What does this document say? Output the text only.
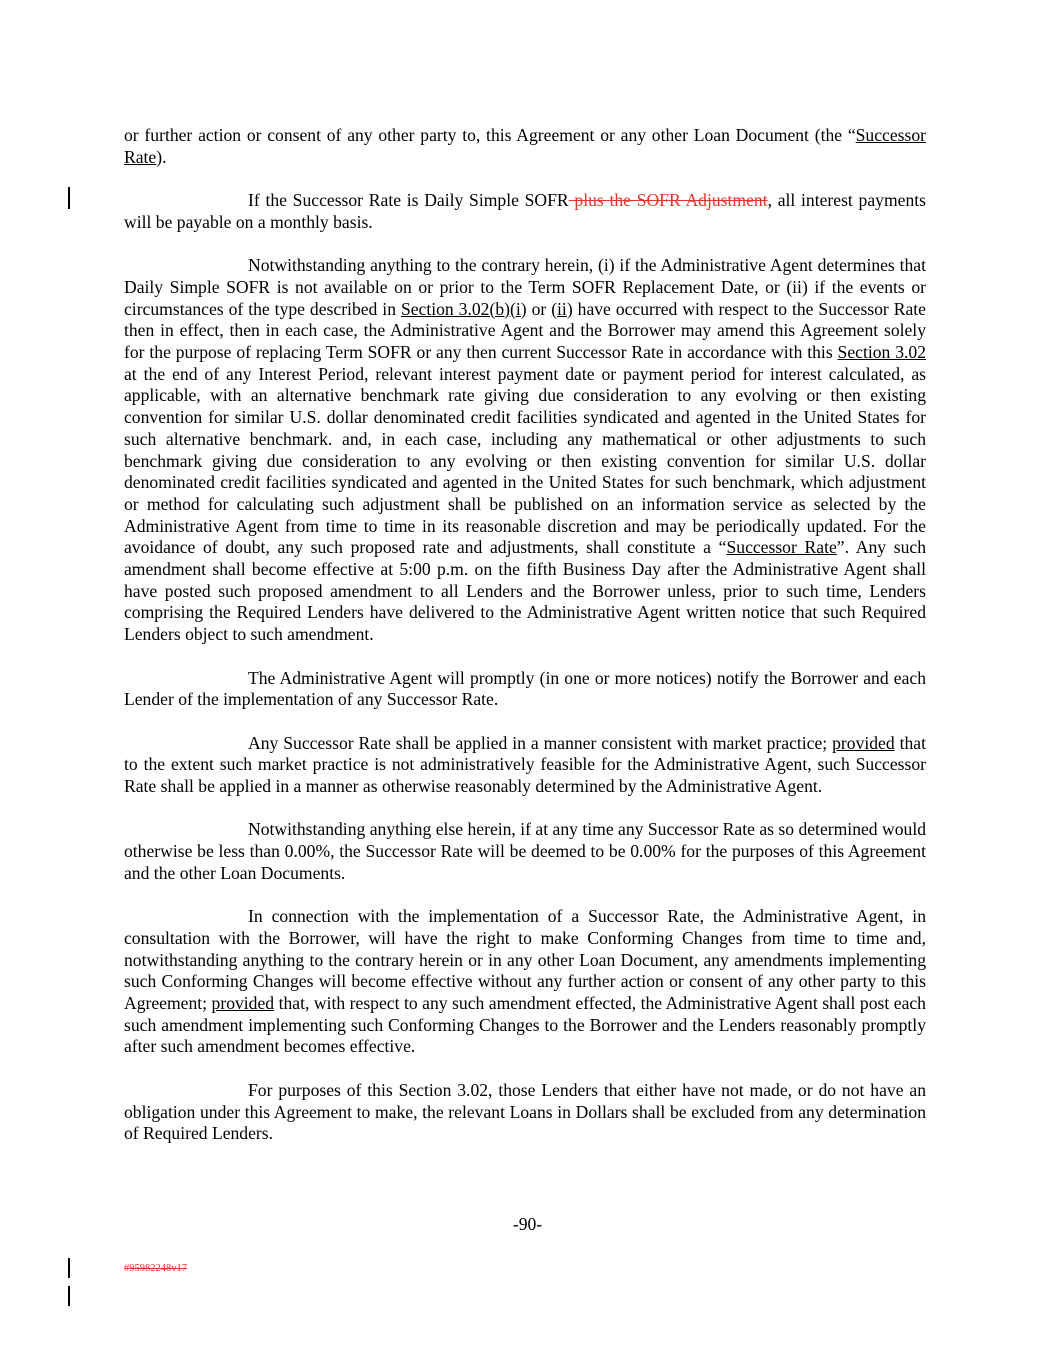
or further action or consent of any other party to, this Agreement or any other Loan Document (the “Successor Rate).

If the Successor Rate is Daily Simple SOFR plus the SOFR Adjustment, all interest payments will be payable on a monthly basis.

Notwithstanding anything to the contrary herein, (i) if the Administrative Agent determines that Daily Simple SOFR is not available on or prior to the Term SOFR Replacement Date, or (ii) if the events or circumstances of the type described in Section 3.02(b)(i) or (ii) have occurred with respect to the Successor Rate then in effect, then in each case, the Administrative Agent and the Borrower may amend this Agreement solely for the purpose of replacing Term SOFR or any then current Successor Rate in accordance with this Section 3.02 at the end of any Interest Period, relevant interest payment date or payment period for interest calculated, as applicable, with an alternative benchmark rate giving due consideration to any evolving or then existing convention for similar U.S. dollar denominated credit facilities syndicated and agented in the United States for such alternative benchmark. and, in each case, including any mathematical or other adjustments to such benchmark giving due consideration to any evolving or then existing convention for similar U.S. dollar denominated credit facilities syndicated and agented in the United States for such benchmark, which adjustment or method for calculating such adjustment shall be published on an information service as selected by the Administrative Agent from time to time in its reasonable discretion and may be periodically updated. For the avoidance of doubt, any such proposed rate and adjustments, shall constitute a “Successor Rate”. Any such amendment shall become effective at 5:00 p.m. on the fifth Business Day after the Administrative Agent shall have posted such proposed amendment to all Lenders and the Borrower unless, prior to such time, Lenders comprising the Required Lenders have delivered to the Administrative Agent written notice that such Required Lenders object to such amendment.

The Administrative Agent will promptly (in one or more notices) notify the Borrower and each Lender of the implementation of any Successor Rate.

Any Successor Rate shall be applied in a manner consistent with market practice; provided that to the extent such market practice is not administratively feasible for the Administrative Agent, such Successor Rate shall be applied in a manner as otherwise reasonably determined by the Administrative Agent.

Notwithstanding anything else herein, if at any time any Successor Rate as so determined would otherwise be less than 0.00%, the Successor Rate will be deemed to be 0.00% for the purposes of this Agreement and the other Loan Documents.

In connection with the implementation of a Successor Rate, the Administrative Agent, in consultation with the Borrower, will have the right to make Conforming Changes from time to time and, notwithstanding anything to the contrary herein or in any other Loan Document, any amendments implementing such Conforming Changes will become effective without any further action or consent of any other party to this Agreement; provided that, with respect to any such amendment effected, the Administrative Agent shall post each such amendment implementing such Conforming Changes to the Borrower and the Lenders reasonably promptly after such amendment becomes effective.

For purposes of this Section 3.02, those Lenders that either have not made, or do not have an obligation under this Agreement to make, the relevant Loans in Dollars shall be excluded from any determination of Required Lenders.

-90-
#95982248v17
